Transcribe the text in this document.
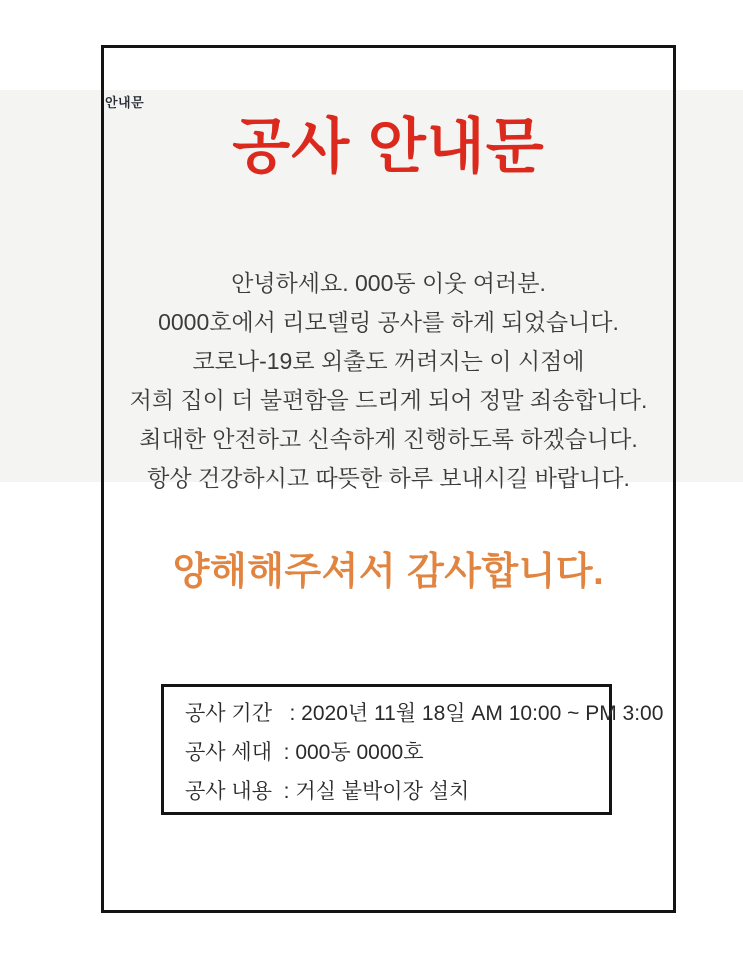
안내문
공사 안내문
안녕하세요. 000동 이웃 여러분.
0000호에서 리모델링 공사를 하게 되었습니다.
코로나-19로 외출도 꺼려지는 이 시점에
저희 집이 더 불편함을 드리게 되어 정말 죄송합니다.
최대한 안전하고 신속하게 진행하도록 하겠습니다.
항상 건강하시고 따뜻한 하루 보내시길 바랍니다.
양해해주셔서 감사합니다.
공사 기간   : 2020년 11월 18일 AM 10:00 ~ PM 3:00
공사 세대  : 000동 0000호
공사 내용  : 거실 붙박이장 설치
